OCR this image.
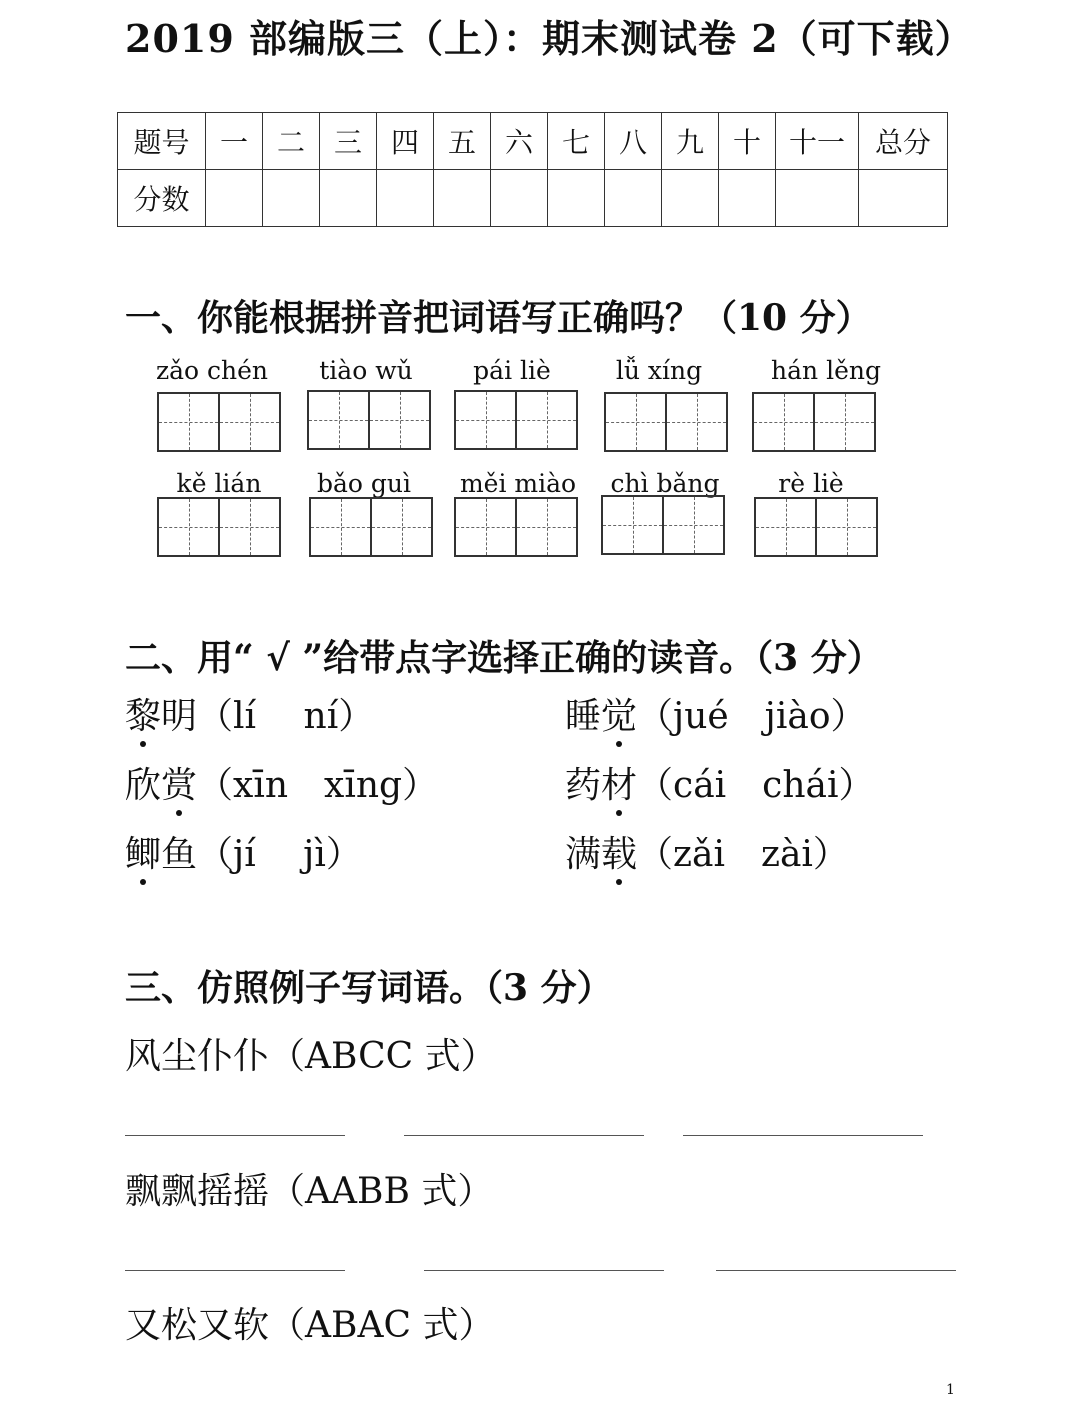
2019 部编版三（上）：期末测试卷 2（可下载）
题号	一	二	三	四	五	六	七	八	九	十	十一	总分
分数												
一、你能根据拼音把词语写正确吗？（10 分）
zǎo chén	tiào wǔ	pái liè	lǚ xíng	hán lěng
kě lián	bǎo guì	měi miào	chì bǎng	rè liè
二、用“ √ ”给带点字选择正确的读音。（3 分）
黎明（lí　 ní）	睡觉（jué　jiào）
欣赏（xīn　xīng）	药材（cái　chái）
鲫鱼（jí　 jì）	满载（zǎi　zài）
三、仿照例子写词语。（3 分）
风尘仆仆（ABCC 式）
飘飘摇摇（AABB 式）
又松又软（ABAC 式）
1
